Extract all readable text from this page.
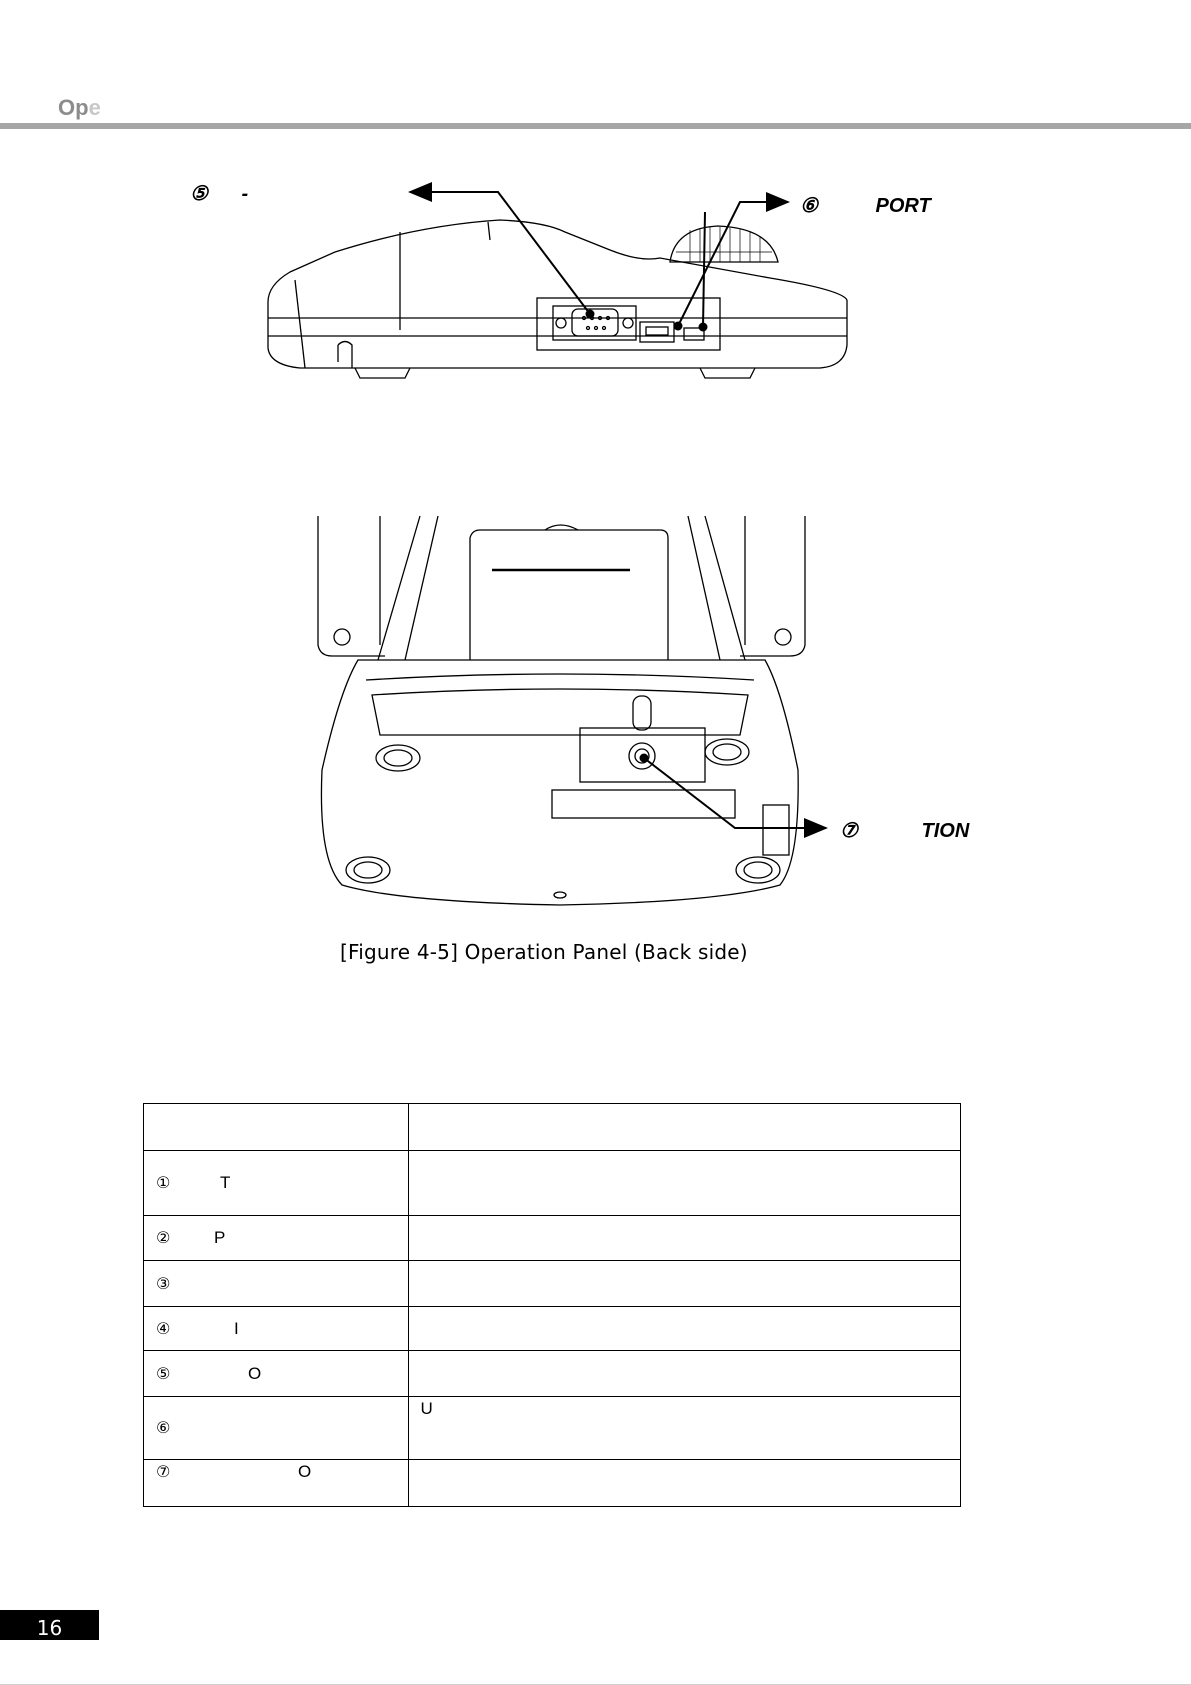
Ope
⑤ -
⑥	PORT
⑦	TION
[Figure 4-5] Operation Panel (Back side)

① T	
② P	
③	
④ I	
⑤ O	
⑥	U
⑦ O	
16
